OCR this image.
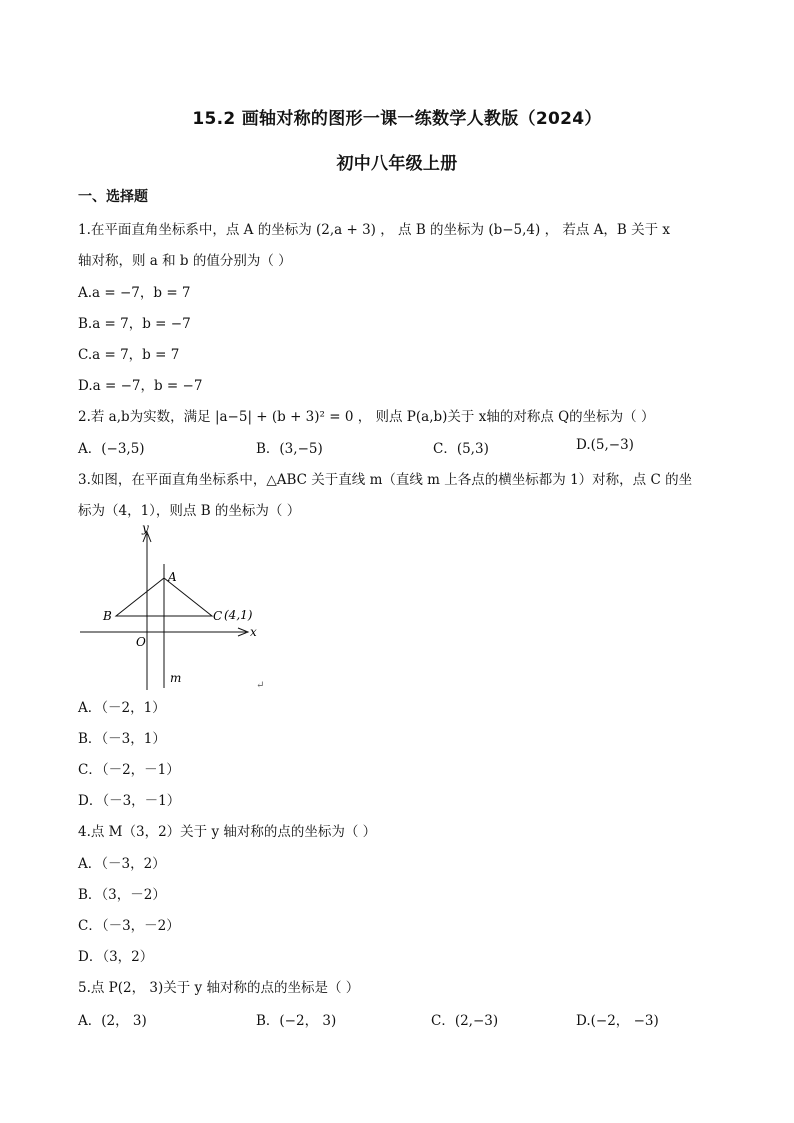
15.2 画轴对称的图形一课一练数学人教版（2024）
初中八年级上册
一、选择题
1.在平面直角坐标系中，点 A 的坐标为 (2,a + 3) ， 点 B 的坐标为 (b−5,4) ， 若点 A，B 关于 x
轴对称，则 a 和 b 的值分别为（ ）
A.a = −7，b = 7
B.a = 7，b = −7
C.a = 7，b = 7
D.a = −7，b = −7
2.若 a,b为实数，满足 |a−5| + (b + 3)² = 0 ， 则点 P(a,b)关于 x轴的对称点 Q的坐标为（ ）
A．(−3,5)	B．(3,−5)	C．(5,3)	D.(5,−3)
3.如图，在平面直角坐标系中，△ABC 关于直线 m（直线 m 上各点的横坐标都为 1）对称，点 C 的坐
标为（4，1），则点 B 的坐标为（ ）
y
A
B	C (4,1)
x
O
m
↵
A．（－2，1）
B．（－3，1）
C．（－2，－1）
D．（－3，－1）
4.点 M（3，2）关于 y 轴对称的点的坐标为（ ）
A．（－3，2）
B．（3，－2）
C．（－3，－2）
D．（3，2）
5.点 P(2， 3)关于 y 轴对称的点的坐标是（ ）
A．(2， 3)	B．(−2， 3)	C．(2,−3)	D.(−2， −3)
